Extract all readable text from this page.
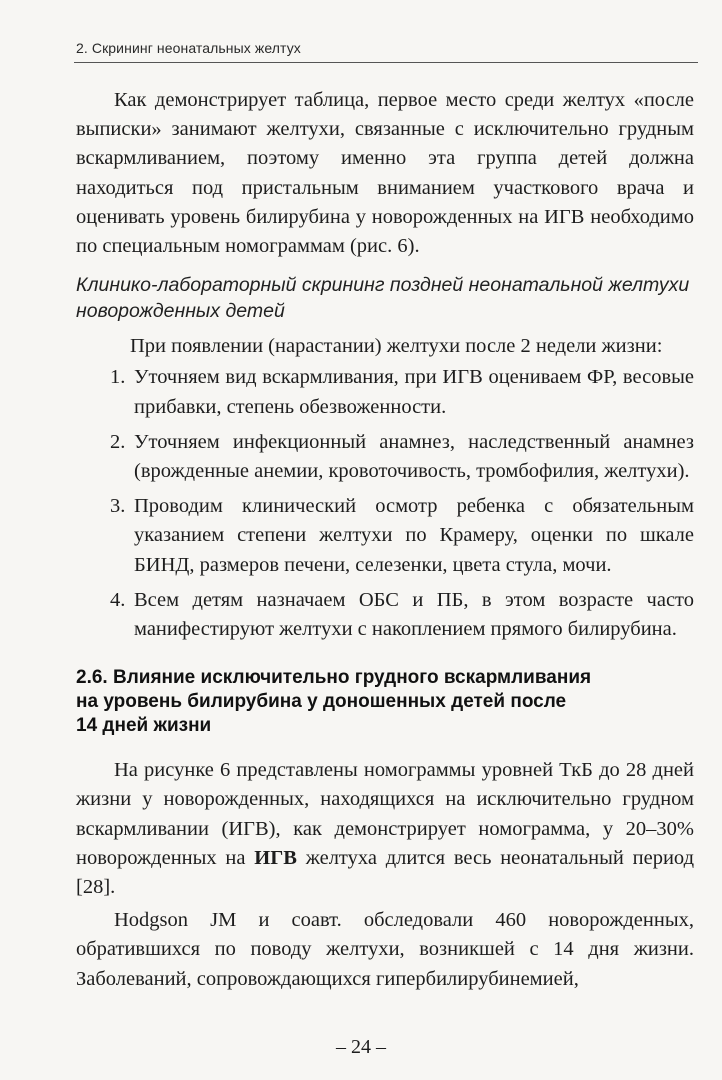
2. Скрининг неонатальных желтух

Как демонстрирует таблица, первое место среди желтух «после выписки» занимают желтухи, связанные с исключительно грудным вскармливанием, поэтому именно эта группа детей должна находиться под пристальным вниманием участкового врача и оценивать уровень билирубина у новорожденных на ИГВ необходимо по специальным номограммам (рис. 6).

Клинико-лабораторный скрининг поздней неонатальной желтухи новорожденных детей

При появлении (нарастании) желтухи после 2 недели жизни:

1. Уточняем вид вскармливания, при ИГВ оцениваем ФР, весовые прибавки, степень обезвоженности.
2. Уточняем инфекционный анамнез, наследственный анамнез (врожденные анемии, кровоточивость, тромбофилия, желтухи).
3. Проводим клинический осмотр ребенка с обязательным указанием степени желтухи по Крамеру, оценки по шкале БИНД, размеров печени, селезенки, цвета стула, мочи.
4. Всем детям назначаем ОБС и ПБ, в этом возрасте часто манифестируют желтухи с накоплением прямого билирубина.
2.6. Влияние исключительно грудного вскармливания
на уровень билирубина у доношенных детей после
14 дней жизни

На рисунке 6 представлены номограммы уровней ТкБ до 28 дней жизни у новорожденных, находящихся на исключительно грудном вскармливании (ИГВ), как демонстрирует номограмма, у 20–30% новорожденных на ИГВ желтуха длится весь неонатальный период [28].

Hodgson JM и соавт. обследовали 460 новорожденных, обратившихся по поводу желтухи, возникшей с 14 дня жизни. Заболеваний, сопровождающихся гипербилирубинемией,

– 24 –
